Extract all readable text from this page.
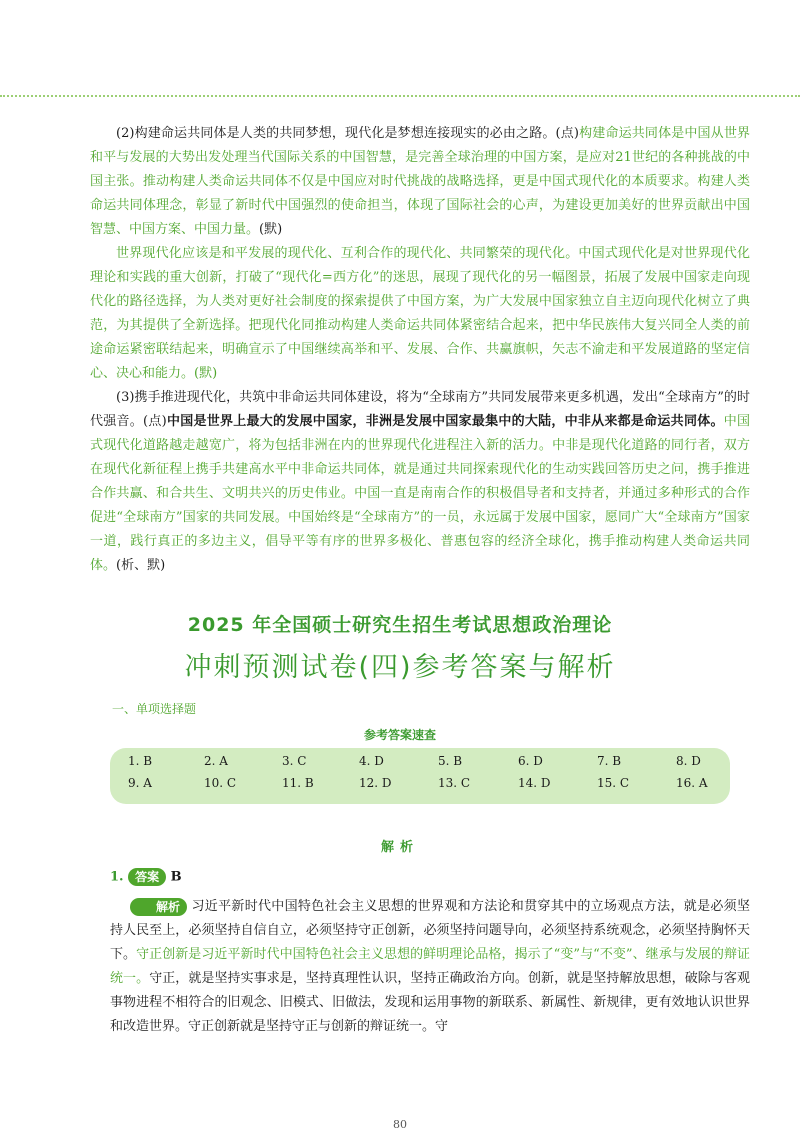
(2)构建命运共同体是人类的共同梦想，现代化是梦想连接现实的必由之路。(点)构建命运共同体是中国从世界和平与发展的大势出发处理当代国际关系的中国智慧，是完善全球治理的中国方案，是应对21世纪的各种挑战的中国主张。推动构建人类命运共同体不仅是中国应对时代挑战的战略选择，更是中国式现代化的本质要求。构建人类命运共同体理念，彰显了新时代中国强烈的使命担当，体现了国际社会的心声，为建设更加美好的世界贡献出中国智慧、中国方案、中国力量。(默)

世界现代化应该是和平发展的现代化、互利合作的现代化、共同繁荣的现代化。中国式现代化是对世界现代化理论和实践的重大创新，打破了“现代化=西方化”的迷思，展现了现代化的另一幅图景，拓展了发展中国家走向现代化的路径选择，为人类对更好社会制度的探索提供了中国方案，为广大发展中国家独立自主迈向现代化树立了典范，为其提供了全新选择。把现代化同推动构建人类命运共同体紧密结合起来，把中华民族伟大复兴同全人类的前途命运紧密联结起来，明确宣示了中国继续高举和平、发展、合作、共赢旗帜，矢志不渝走和平发展道路的坚定信心、决心和能力。(默)

(3)携手推进现代化，共筑中非命运共同体建设，将为“全球南方”共同发展带来更多机遇，发出“全球南方”的时代强音。(点)中国是世界上最大的发展中国家，非洲是发展中国家最集中的大陆，中非从来都是命运共同体。中国式现代化道路越走越宽广，将为包括非洲在内的世界现代化进程注入新的活力。中非是现代化道路的同行者，双方在现代化新征程上携手共建高水平中非命运共同体，就是通过共同探索现代化的生动实践回答历史之问，携手推进合作共赢、和合共生、文明共兴的历史伟业。中国一直是南南合作的积极倡导者和支持者，并通过多种形式的合作促进“全球南方”国家的共同发展。中国始终是“全球南方”的一员，永远属于发展中国家，愿同广大“全球南方”国家一道，践行真正的多边主义，倡导平等有序的世界多极化、普惠包容的经济全球化，携手推动构建人类命运共同体。(析、默)

2025 年全国硕士研究生招生考试思想政治理论
冲刺预测试卷(四)参考答案与解析
一、单项选择题
参考答案速查
1. B	2. A	3. C	4. D	5. B	6. D	7. B	8. D
9. A	10. C	11. B	12. D	13. C	14. D	15. C	16. A
解析
1. 答案 B

解析 习近平新时代中国特色社会主义思想的世界观和方法论和贯穿其中的立场观点方法，就是必须坚持人民至上，必须坚持自信自立，必须坚持守正创新，必须坚持问题导向，必须坚持系统观念，必须坚持胸怀天下。守正创新是习近平新时代中国特色社会主义思想的鲜明理论品格，揭示了“变”与“不变”、继承与发展的辩证统一。守正，就是坚持实事求是，坚持真理性认识，坚持正确政治方向。创新，就是坚持解放思想，破除与客观事物进程不相符合的旧观念、旧模式、旧做法，发现和运用事物的新联系、新属性、新规律，更有效地认识世界和改造世界。守正创新就是坚持守正与创新的辩证统一。守

80
